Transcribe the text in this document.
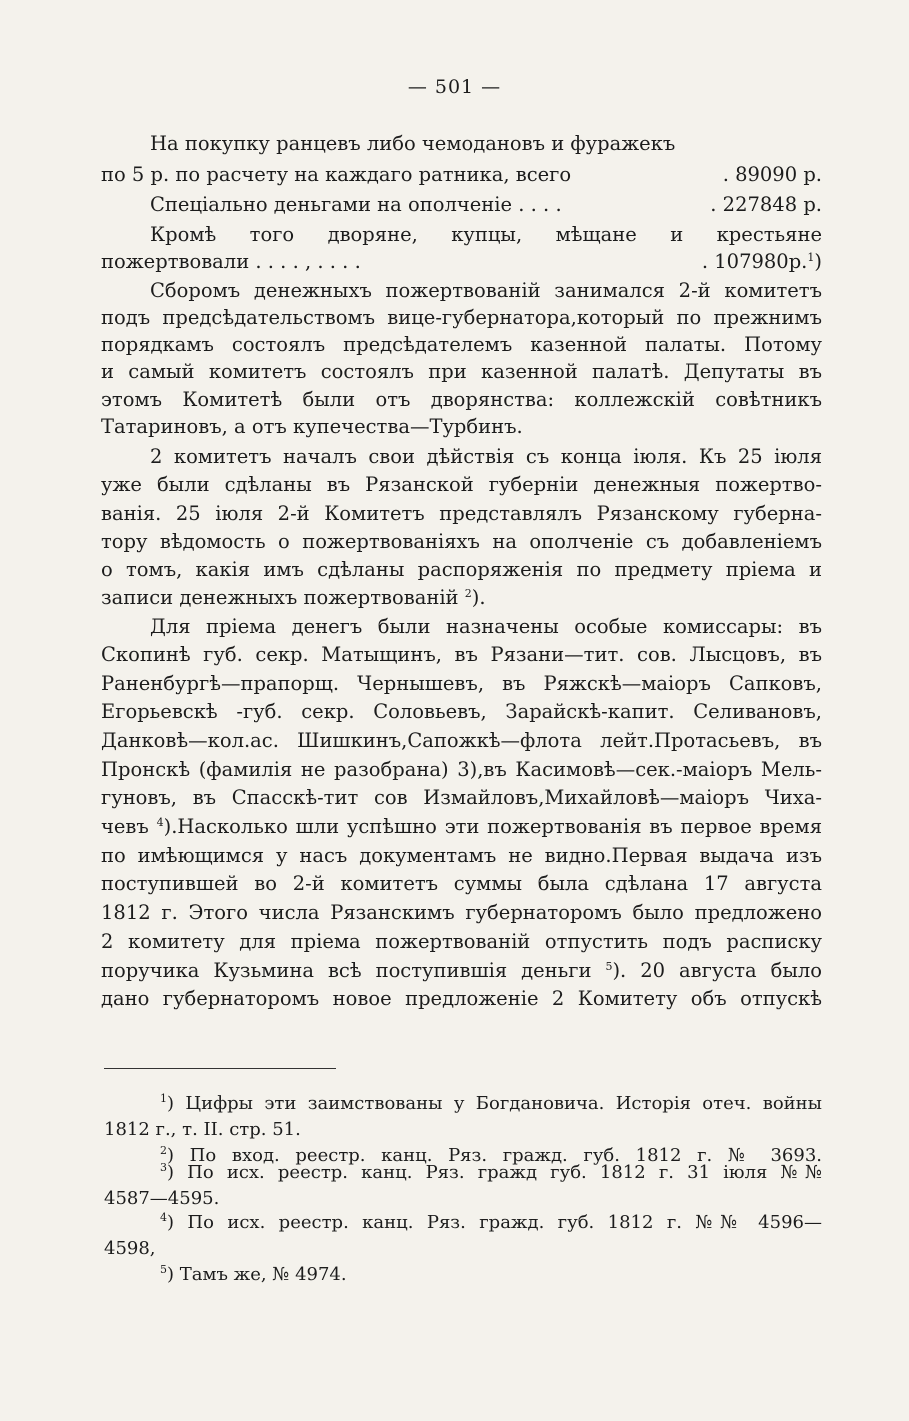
— 501 —
На покупку ранцевъ либо чемодановъ и фуражекъ
по 5 р. по расчету на каждаго ратника, всего	. 89090 р.
Спеціально деньгами на ополченіе . . . .	. 227848 р.
Кромѣ того дворяне, купцы, мѣщане и крестьяне
пожертвовали . . . . , . . . .	. 107980р.$^1$)
Сборомъ денежныхъ пожертвованій занимался 2-й комитетъ
подъ предсѣдательствомъ вице-губернатора,который по прежнимъ
порядкамъ состоялъ предсѣдателемъ казенной палаты. Потому
и самый комитетъ состоялъ при казенной палатѣ. Депутаты въ
этомъ Комитетѣ были отъ дворянства: коллежскій совѣтникъ
Татариновъ, а отъ купечества—Турбинъ.
2 комитетъ началъ свои дѣйствія съ конца іюля. Къ 25 іюля
уже были сдѣланы въ Рязанской губерніи денежныя пожертво-
ванія. 25 іюля 2-й Комитетъ представлялъ Рязанскому губерна-
тору вѣдомость о пожертвованіяхъ на ополченіе съ добавленіемъ
о томъ, какія имъ сдѣланы распоряженія по предмету пріема и
записи денежныхъ пожертвованій $^2$).
Для пріема денегъ были назначены особые комиссары: въ
Скопинѣ губ. секр. Матыщинъ, въ Рязани—тит. сов. Лысцовъ, въ
Раненбургѣ—прапорщ. Чернышевъ, въ Ряжскѣ—маіоръ Сапковъ,
Егорьевскѣ -губ. секр. Соловьевъ, Зарайскѣ-капит. Селивановъ,
Данковѣ—кол.ас. Шишкинъ,Сапожкѣ—флота лейт.Протасьевъ, въ
Пронскѣ (фамилія не разобрана) 3),въ Касимовѣ—сек.-маіоръ Мель-
гуновъ, въ Спасскѣ-тит сов Измайловъ,Михайловѣ—маіоръ Чиха-
чевъ $^4$).Насколько шли успѣшно эти пожертвованія въ первое время
по имѣющимся у насъ документамъ не видно.Первая выдача изъ
поступившей во 2-й комитетъ суммы была сдѣлана 17 августа
1812 г. Этого числа Рязанскимъ губернаторомъ было предложено
2 комитету для пріема пожертвованій отпустить подъ расписку
поручика Кузьмина всѣ поступившія деньги $^5$). 20 августа было
дано губернаторомъ новое предложеніе 2 Комитету объ отпускѣ
$^1$) Цифры эти заимствованы у Богдановича. Исторія отеч. войны
1812 г., т. II. стр. 51.
$^2$) По вход. реестр. канц. Ряз. гражд. губ. 1812 г. № 3693.
$^3$) По исх. реестр. канц. Ряз. гражд губ. 1812 г. 31 іюля №№
4587—4595.
$^4$) По исх. реестр. канц. Ряз. гражд. губ. 1812 г. №№ 4596—
4598,
$^5$) Тамъ же, № 4974.
